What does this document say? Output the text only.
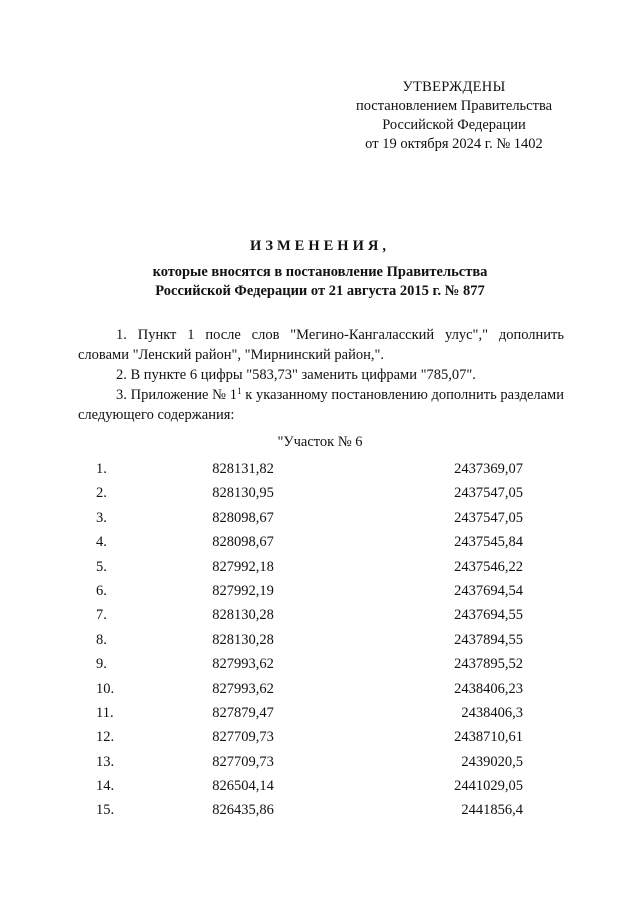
УТВЕРЖДЕНЫ
постановлением Правительства
Российской Федерации
от 19 октября 2024 г. № 1402
ИЗМЕНЕНИЯ,
которые вносятся в постановление Правительства
Российской Федерации от 21 августа 2015 г. № 877

1. Пункт 1 после слов "Мегино-Кангаласский улус"," дополнить словами "Ленский район", "Мирнинский район,".

2. В пункте 6 цифры "583,73" заменить цифрами "785,07".

3. Приложение № $1^1$ к указанному постановлению дополнить разделами следующего содержания:

"Участок № 6
1.	828131,82	2437369,07
2.	828130,95	2437547,05
3.	828098,67	2437547,05
4.	828098,67	2437545,84
5.	827992,18	2437546,22
6.	827992,19	2437694,54
7.	828130,28	2437694,55
8.	828130,28	2437894,55
9.	827993,62	2437895,52
10.	827993,62	2438406,23
11.	827879,47	2438406,3
12.	827709,73	2438710,61
13.	827709,73	2439020,5
14.	826504,14	2441029,05
15.	826435,86	2441856,4
